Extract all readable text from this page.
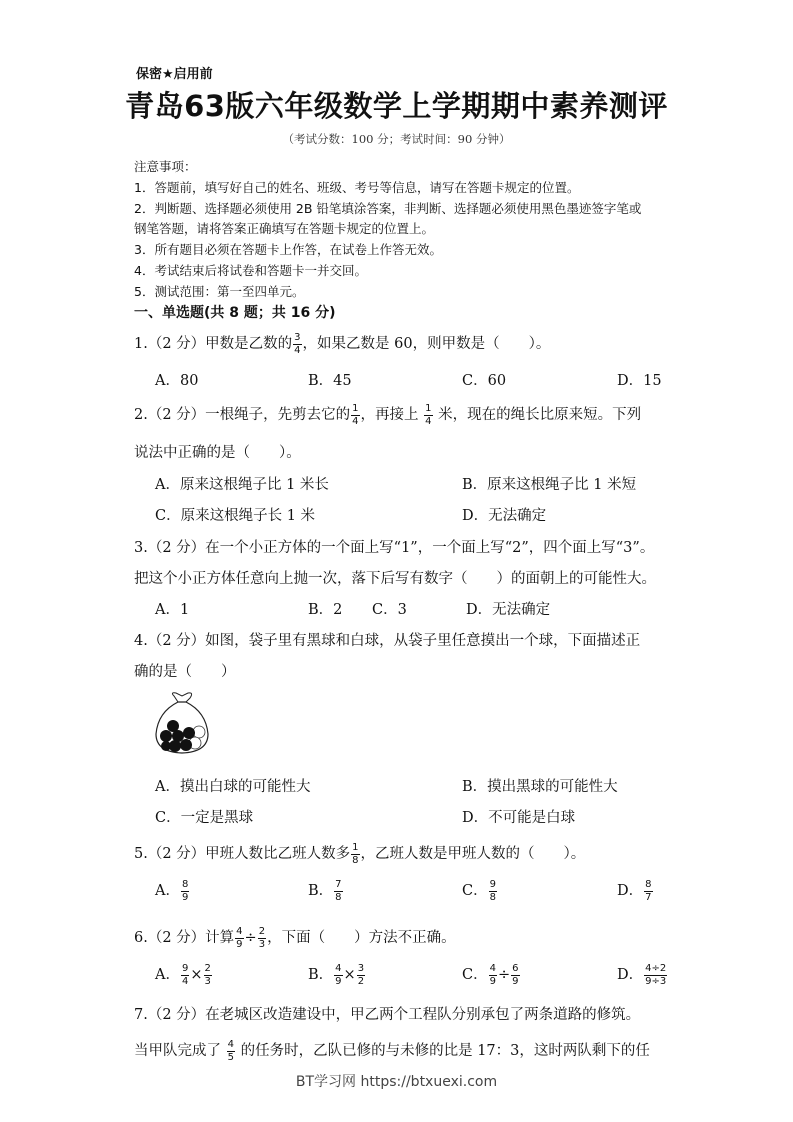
保密★启用前
青岛63版六年级数学上学期期中素养测评
（考试分数：100 分；考试时间：90 分钟）
注意事项：
1．答题前，填写好自己的姓名、班级、考号等信息，请写在答题卡规定的位置。
2．判断题、选择题必须使用 2B 铅笔填涂答案，非判断、选择题必须使用黑色墨迹签字笔或
钢笔答题，请将答案正确填写在答题卡规定的位置上。
3．所有题目必须在答题卡上作答，在试卷上作答无效。
4．考试结束后将试卷和答题卡一并交回。
5．测试范围：第一至四单元。
一、单选题(共 8 题；共 16 分)
1.（2 分）甲数是乙数的 $\frac{3}{4}$ ，如果乙数是 60，则甲数是（　　）。
A．80	B．45	C．60	D．15
2.（2 分）一根绳子，先剪去它的 $\frac{1}{4}$ ，再接上 $\frac{1}{4}$ 米，现在的绳长比原来短。下列
说法中正确的是（　　）。
A．原来这根绳子比 1 米长	B．原来这根绳子比 1 米短
C．原来这根绳子长 1 米	D．无法确定
3.（2 分）在一个小正方体的一个面上写“1”，一个面上写“2”，四个面上写“3”。
把这个小正方体任意向上抛一次，落下后写有数字（　　）的面朝上的可能性大。
A．1	B．2 C．3	D．无法确定
4.（2 分）如图，袋子里有黑球和白球，从袋子里任意摸出一个球，下面描述正
确的是（　　）
A．摸出白球的可能性大	B．摸出黑球的可能性大
C．一定是黑球	D．不可能是白球
5.（2 分）甲班人数比乙班人数多 $\frac{1}{8}$ ，乙班人数是甲班人数的（　　）。
A． $\frac{8}{9}$	B． $\frac{7}{8}$	C． $\frac{9}{8}$	D． $\frac{8}{7}$
6.（2 分）计算 $\frac{4}{9} \div \frac{2}{3}$ ，下面（　　）方法不正确。
A． $\frac{9}{4} \times \frac{2}{3}$	B． $\frac{4}{9} \times \frac{3}{2}$	C． $\frac{4}{9} \div \frac{6}{9}$	D． $\frac{4\div 2}{9\div 3}$
7.（2 分）在老城区改造建设中，甲乙两个工程队分别承包了两条道路的修筑。
当甲队完成了 $\frac{4}{5}$ 的任务时，乙队已修的与未修的比是 17：3，这时两队剩下的任
BT学习网 https://btxuexi.com
